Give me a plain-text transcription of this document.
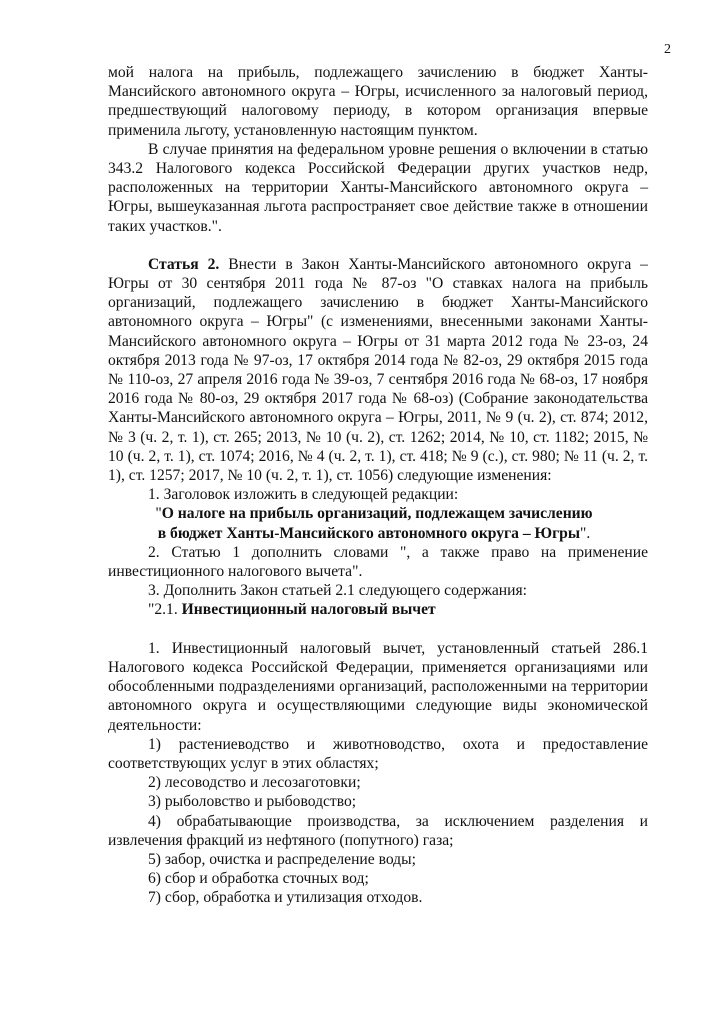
2

мой налога на прибыль, подлежащего зачислению в бюджет Ханты-Мансийского автономного округа – Югры, исчисленного за налоговый период, предшествующий налоговому периоду, в котором организация впервые применила льготу, установленную настоящим пунктом.

В случае принятия на федеральном уровне решения о включении в статью 343.2 Налогового кодекса Российской Федерации других участков недр, расположенных на территории Ханты-Мансийского автономного округа – Югры, вышеуказанная льгота распространяет свое действие также в отношении таких участков.".

Статья 2. Внести в Закон Ханты-Мансийского автономного округа – Югры от 30 сентября 2011 года № 87-оз "О ставках налога на прибыль организаций, подлежащего зачислению в бюджет Ханты-Мансийского автономного округа – Югры" (с изменениями, внесенными законами Ханты-Мансийского автономного округа – Югры от 31 марта 2012 года № 23-оз, 24 октября 2013 года № 97-оз, 17 октября 2014 года № 82-оз, 29 октября 2015 года № 110-оз, 27 апреля 2016 года № 39-оз, 7 сентября 2016 года № 68-оз, 17 ноября 2016 года № 80-оз, 29 октября 2017 года № 68-оз) (Собрание законодательства Ханты-Мансийского автономного округа – Югры, 2011, № 9 (ч. 2), ст. 874; 2012, № 3 (ч. 2, т. 1), ст. 265; 2013, № 10 (ч. 2), ст. 1262; 2014, № 10, ст. 1182; 2015, № 10 (ч. 2, т. 1), ст. 1074; 2016, № 4 (ч. 2, т. 1), ст. 418; № 9 (с.), ст. 980; № 11 (ч. 2, т. 1), ст. 1257; 2017, № 10 (ч. 2, т. 1), ст. 1056) следующие изменения:

1. Заголовок изложить в следующей редакции:

"О налоге на прибыль организаций, подлежащем зачислению
в бюджет Ханты-Мансийского автономного округа – Югры".

2. Статью 1 дополнить словами ", а также право на применение инвестиционного налогового вычета".

3. Дополнить Закон статьей 2.1 следующего содержания:

"2.1. Инвестиционный налоговый вычет

1. Инвестиционный налоговый вычет, установленный статьей 286.1 Налогового кодекса Российской Федерации, применяется организациями или обособленными подразделениями организаций, расположенными на территории автономного округа и осуществляющими следующие виды экономической деятельности:

1) растениеводство и животноводство, охота и предоставление соответствующих услуг в этих областях;

2) лесоводство и лесозаготовки;

3) рыболовство и рыбоводство;

4) обрабатывающие производства, за исключением разделения и извлечения фракций из нефтяного (попутного) газа;

5) забор, очистка и распределение воды;

6) сбор и обработка сточных вод;

7) сбор, обработка и утилизация отходов.
